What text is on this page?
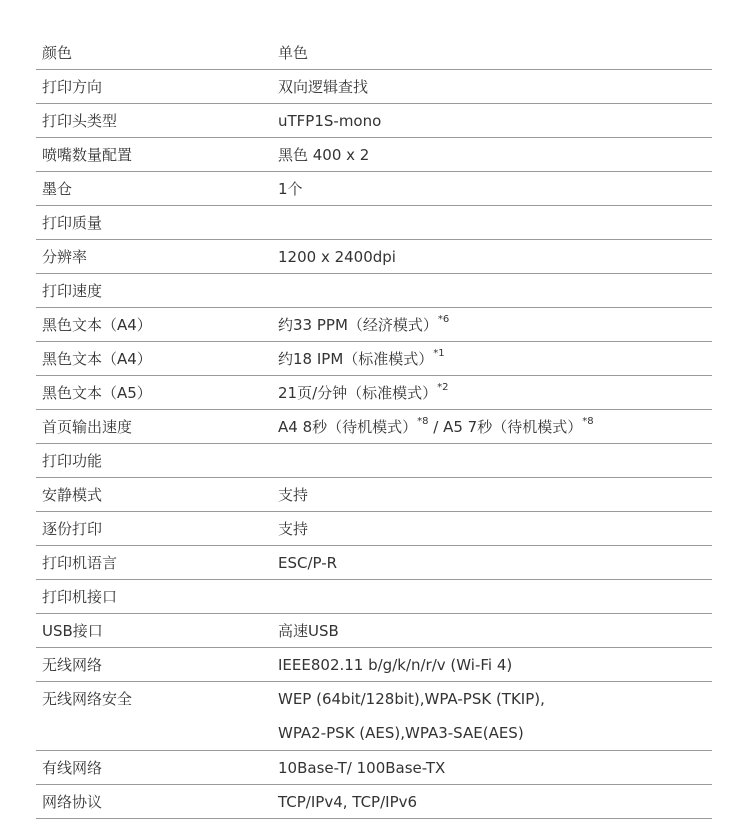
颜色	单色
打印方向	双向逻辑查找
打印头类型	uTFP1S-mono
喷嘴数量配置	黑色 400 x 2
墨仓	1个
打印质量
分辨率	1200 x 2400dpi
打印速度
黑色文本（A4）	约33 PPM（经济模式）$^{*6}$
黑色文本（A4）	约18 IPM（标准模式）$^{*1}$
黑色文本（A5）	21页/分钟（标准模式）$^{*2}$
首页输出速度	A4 8秒（待机模式）$^{*8}$ / A5 7秒（待机模式）$^{*8}$
打印功能
安静模式	支持
逐份打印	支持
打印机语言	ESC/P-R
打印机接口
USB接口	高速USB
无线网络	IEEE802.11 b/g/k/n/r/v (Wi-Fi 4)
无线网络安全	WEP (64bit/128bit),WPA-PSK (TKIP),
WPA2-PSK (AES),WPA3-SAE(AES)
有线网络	10Base-T/ 100Base-TX
网络协议	TCP/IPv4, TCP/IPv6
